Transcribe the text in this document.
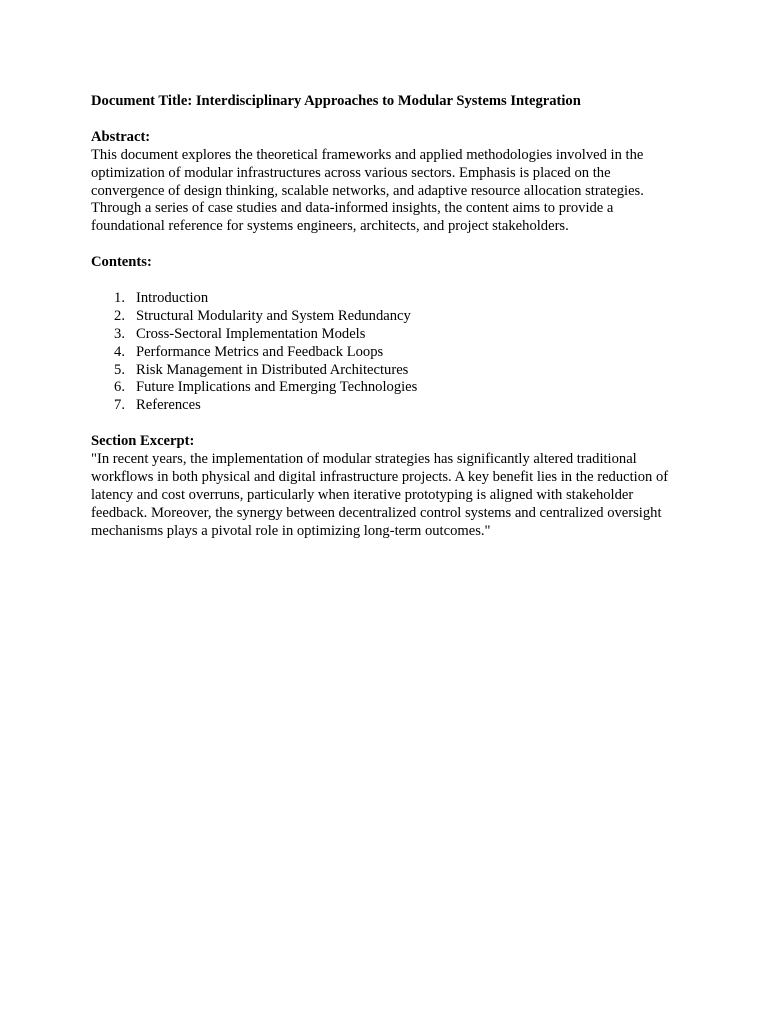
Document Title: Interdisciplinary Approaches to Modular Systems Integration

Abstract:

This document explores the theoretical frameworks and applied methodologies involved in the optimization of modular infrastructures across various sectors. Emphasis is placed on the convergence of design thinking, scalable networks, and adaptive resource allocation strategies. Through a series of case studies and data-informed insights, the content aims to provide a foundational reference for systems engineers, architects, and project stakeholders.

Contents:

1. Introduction
2. Structural Modularity and System Redundancy
3. Cross-Sectoral Implementation Models
4. Performance Metrics and Feedback Loops
5. Risk Management in Distributed Architectures
6. Future Implications and Emerging Technologies
7. References

Section Excerpt:

"In recent years, the implementation of modular strategies has significantly altered traditional workflows in both physical and digital infrastructure projects. A key benefit lies in the reduction of latency and cost overruns, particularly when iterative prototyping is aligned with stakeholder feedback. Moreover, the synergy between decentralized control systems and centralized oversight mechanisms plays a pivotal role in optimizing long-term outcomes."
